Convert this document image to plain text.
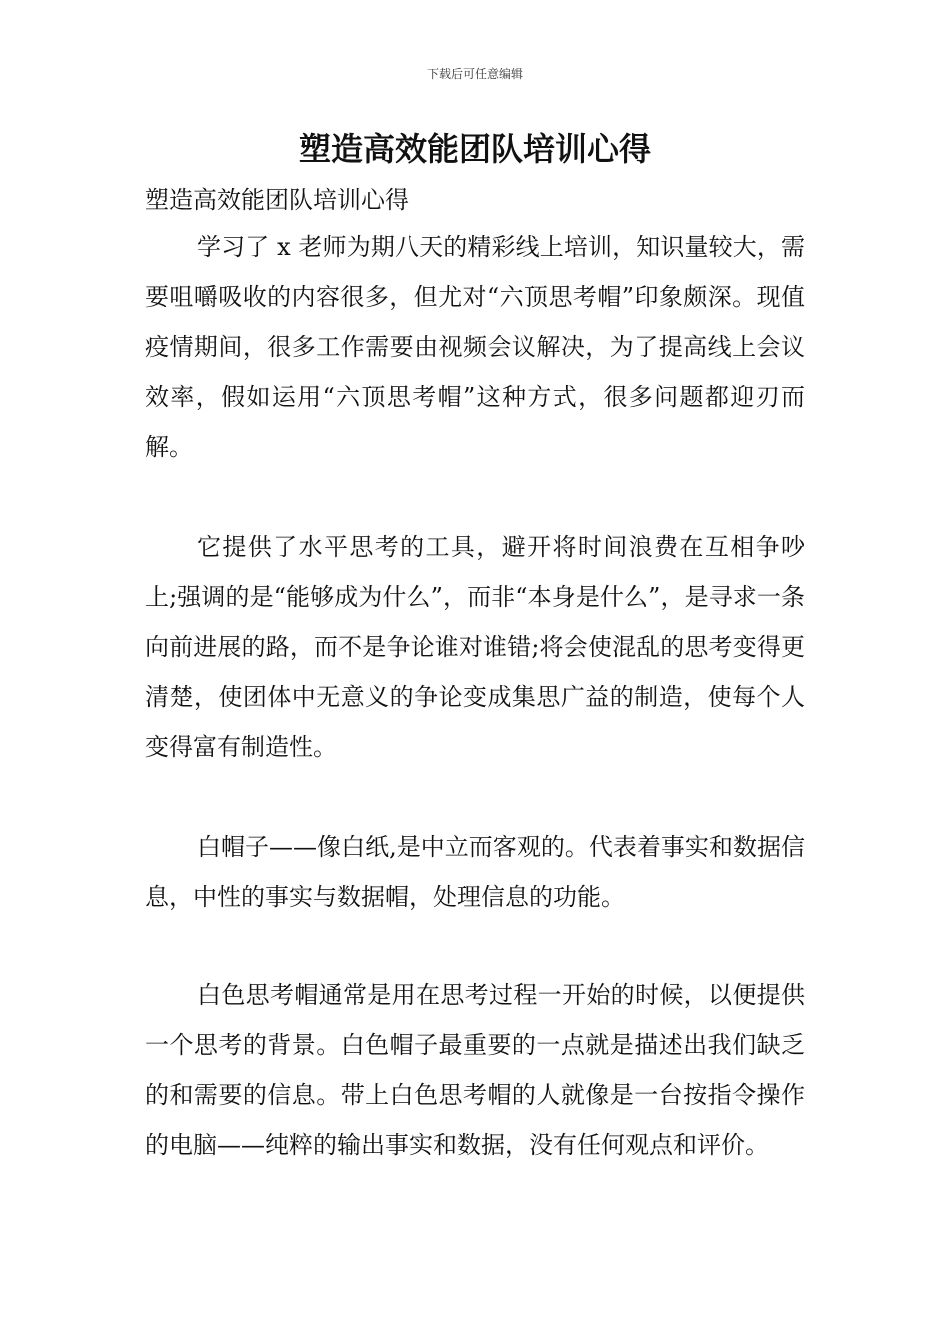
下载后可任意编辑
塑造高效能团队培训心得

塑造高效能团队培训心得

学习了 x 老师为期八天的精彩线上培训，知识量较大，需要咀嚼吸收的内容很多，但尤对“六顶思考帽”印象颇深。现值疫情期间，很多工作需要由视频会议解决，为了提高线上会议效率，假如运用“六顶思考帽”这种方式，很多问题都迎刃而解。

它提供了水平思考的工具，避开将时间浪费在互相争吵上;强调的是“能够成为什么”，而非“本身是什么”，是寻求一条向前进展的路，而不是争论谁对谁错;将会使混乱的思考变得更清楚，使团体中无意义的争论变成集思广益的制造，使每个人变得富有制造性。

白帽子——像白纸,是中立而客观的。代表着事实和数据信息，中性的事实与数据帽，处理信息的功能。

白色思考帽通常是用在思考过程一开始的时候，以便提供一个思考的背景。白色帽子最重要的一点就是描述出我们缺乏的和需要的信息。带上白色思考帽的人就像是一台按指令操作的电脑——纯粹的输出事实和数据，没有任何观点和评价。
